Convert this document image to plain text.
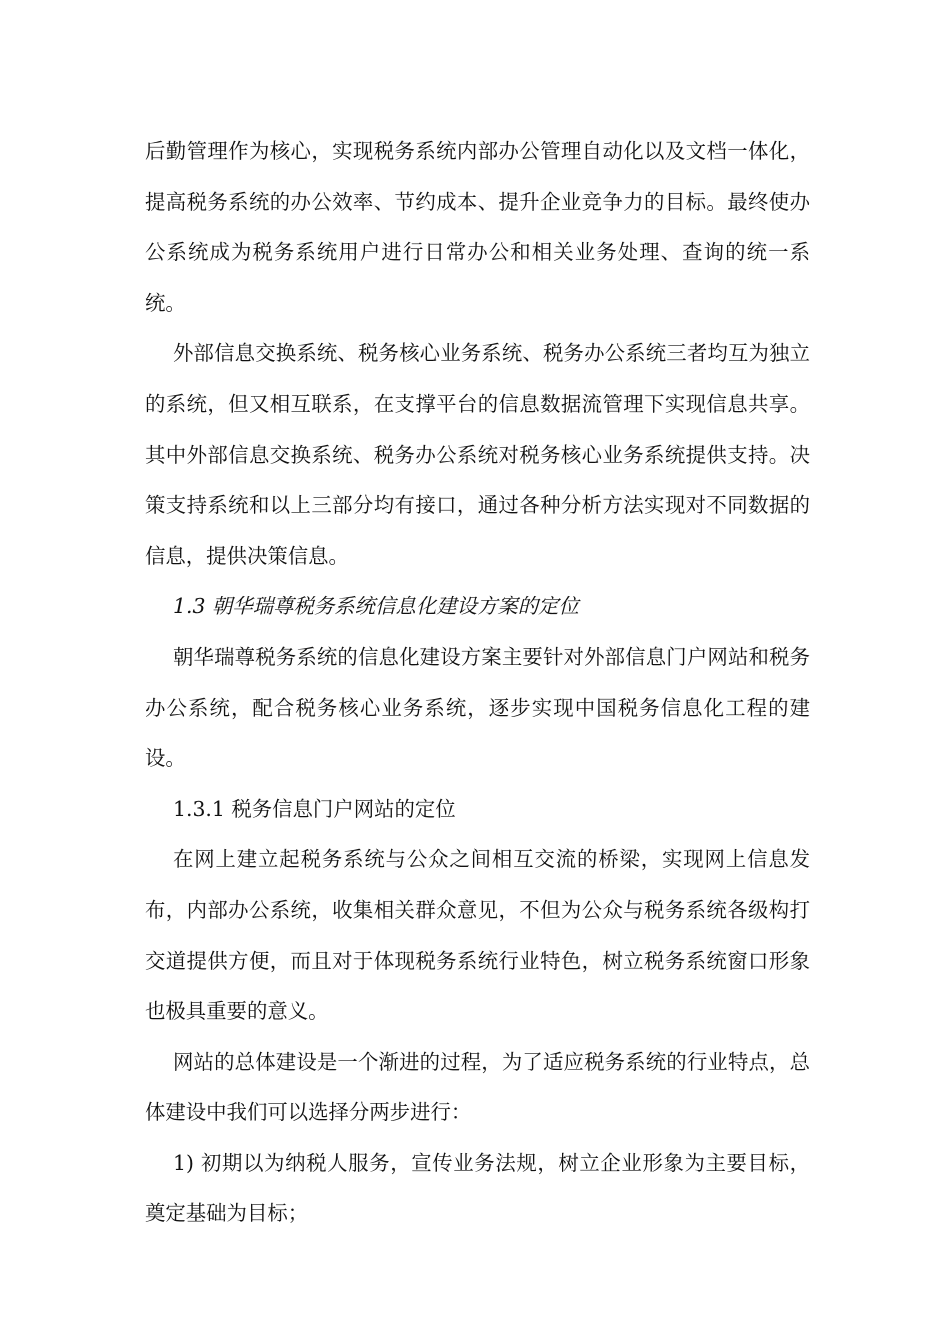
后勤管理作为核心，实现税务系统内部办公管理自动化以及文档一体化，提高税务系统的办公效率、节约成本、提升企业竞争力的目标。最终使办公系统成为税务系统用户进行日常办公和相关业务处理、查询的统一系统。

外部信息交换系统、税务核心业务系统、税务办公系统三者均互为独立的系统，但又相互联系，在支撑平台的信息数据流管理下实现信息共享。其中外部信息交换系统、税务办公系统对税务核心业务系统提供支持。决策支持系统和以上三部分均有接口，通过各种分析方法实现对不同数据的信息，提供决策信息。

1.3 朝华瑞尊税务系统信息化建设方案的定位

朝华瑞尊税务系统的信息化建设方案主要针对外部信息门户网站和税务办公系统，配合税务核心业务系统，逐步实现中国税务信息化工程的建设。

1.3.1 税务信息门户网站的定位

在网上建立起税务系统与公众之间相互交流的桥梁，实现网上信息发布，内部办公系统，收集相关群众意见，不但为公众与税务系统各级构打交道提供方便，而且对于体现税务系统行业特色，树立税务系统窗口形象也极具重要的意义。

网站的总体建设是一个渐进的过程，为了适应税务系统的行业特点，总体建设中我们可以选择分两步进行：

1) 初期以为纳税人服务，宣传业务法规，树立企业形象为主要目标，奠定基础为目标；
